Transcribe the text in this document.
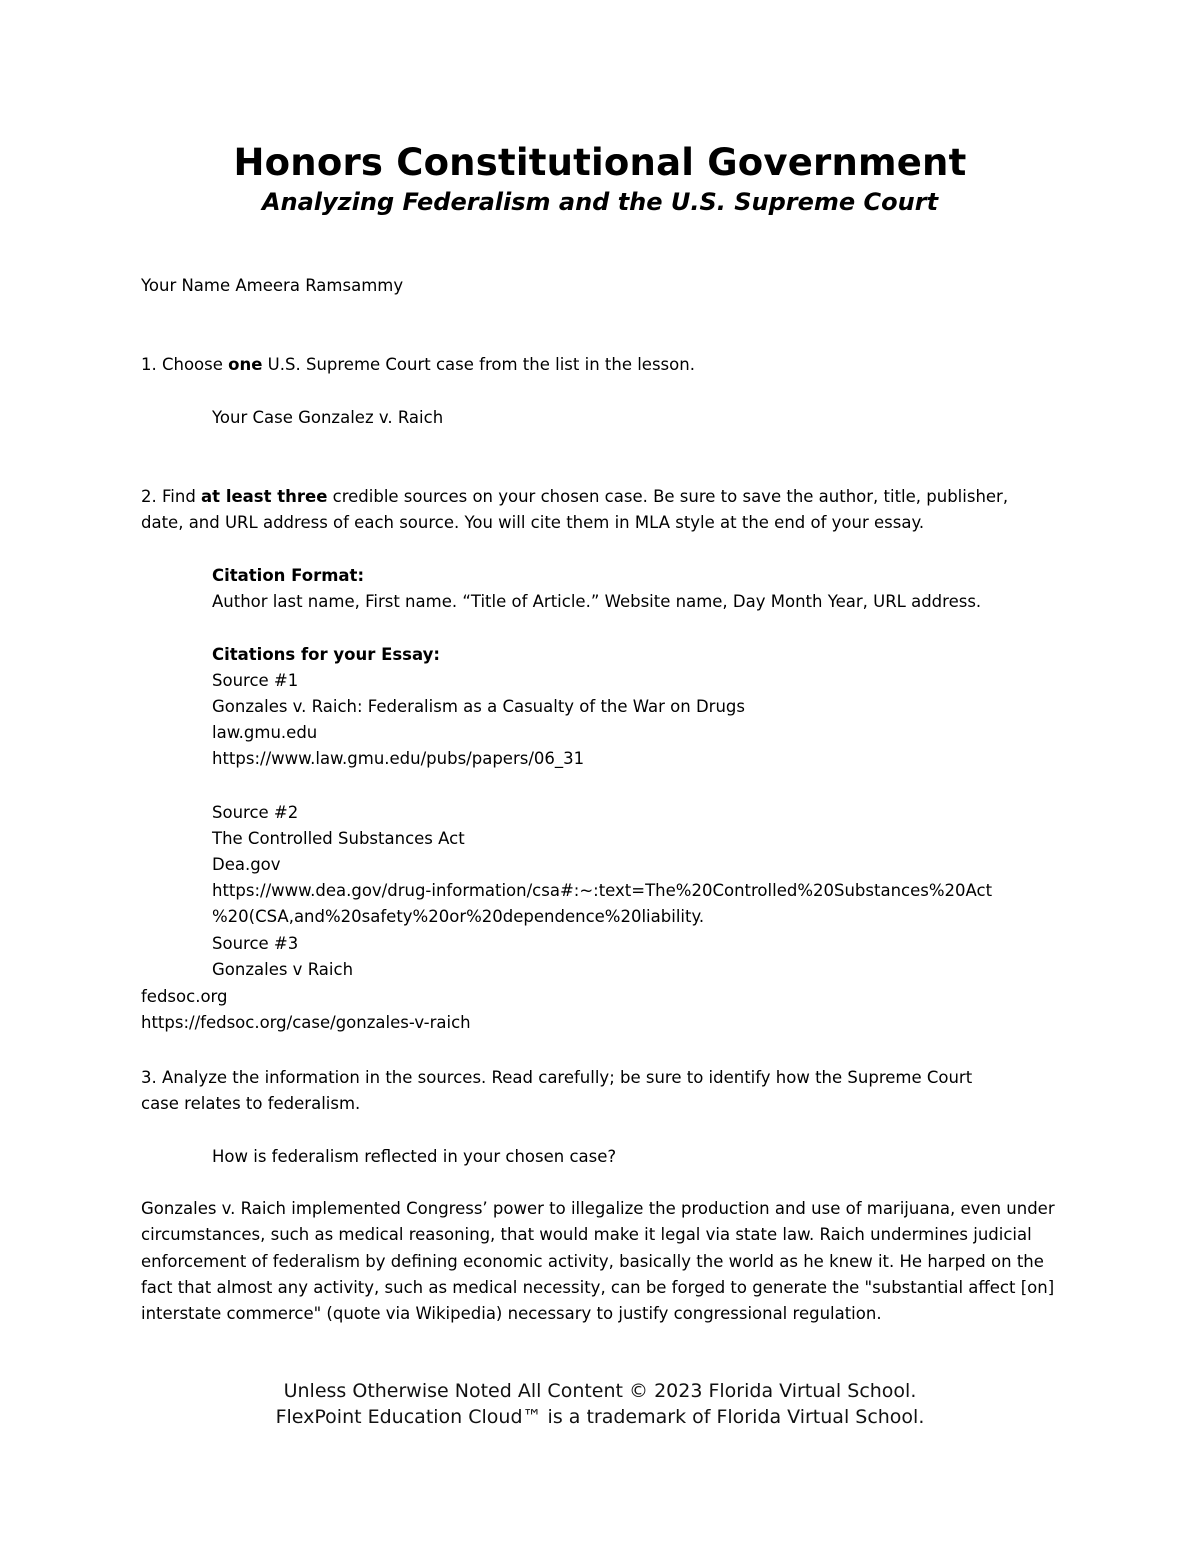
Honors Constitutional Government
Analyzing Federalism and the U.S. Supreme Court
Your Name Ameera Ramsammy
1. Choose one U.S. Supreme Court case from the list in the lesson.
Your Case Gonzalez v. Raich
2. Find at least three credible sources on your chosen case. Be sure to save the author, title, publisher,
date, and URL address of each source. You will cite them in MLA style at the end of your essay.
Citation Format:
Author last name, First name. “Title of Article.” Website name, Day Month Year, URL address.
Citations for your Essay:
Source #1
Gonzales v. Raich: Federalism as a Casualty of the War on Drugs
law.gmu.edu
https://www.law.gmu.edu/pubs/papers/06_31
Source #2
The Controlled Substances Act
Dea.gov
https://www.dea.gov/drug-information/csa#:~:text=The%20Controlled%20Substances%20Act
%20(CSA,and%20safety%20or%20dependence%20liability.
Source #3
Gonzales v Raich
fedsoc.org
https://fedsoc.org/case/gonzales-v-raich
3. Analyze the information in the sources. Read carefully; be sure to identify how the Supreme Court
case relates to federalism.
How is federalism reflected in your chosen case?
Gonzales v. Raich implemented Congress’ power to illegalize the production and use of marijuana, even under circumstances, such as medical reasoning, that would make it legal via state law. Raich undermines judicial enforcement of federalism by defining economic activity, basically the world as he knew it. He harped on the fact that almost any activity, such as medical necessity, can be forged to generate the "substantial affect [on] interstate commerce" (quote via Wikipedia) necessary to justify congressional regulation.
Unless Otherwise Noted All Content © 2023 Florida Virtual School.
FlexPoint Education Cloud™ is a trademark of Florida Virtual School.
